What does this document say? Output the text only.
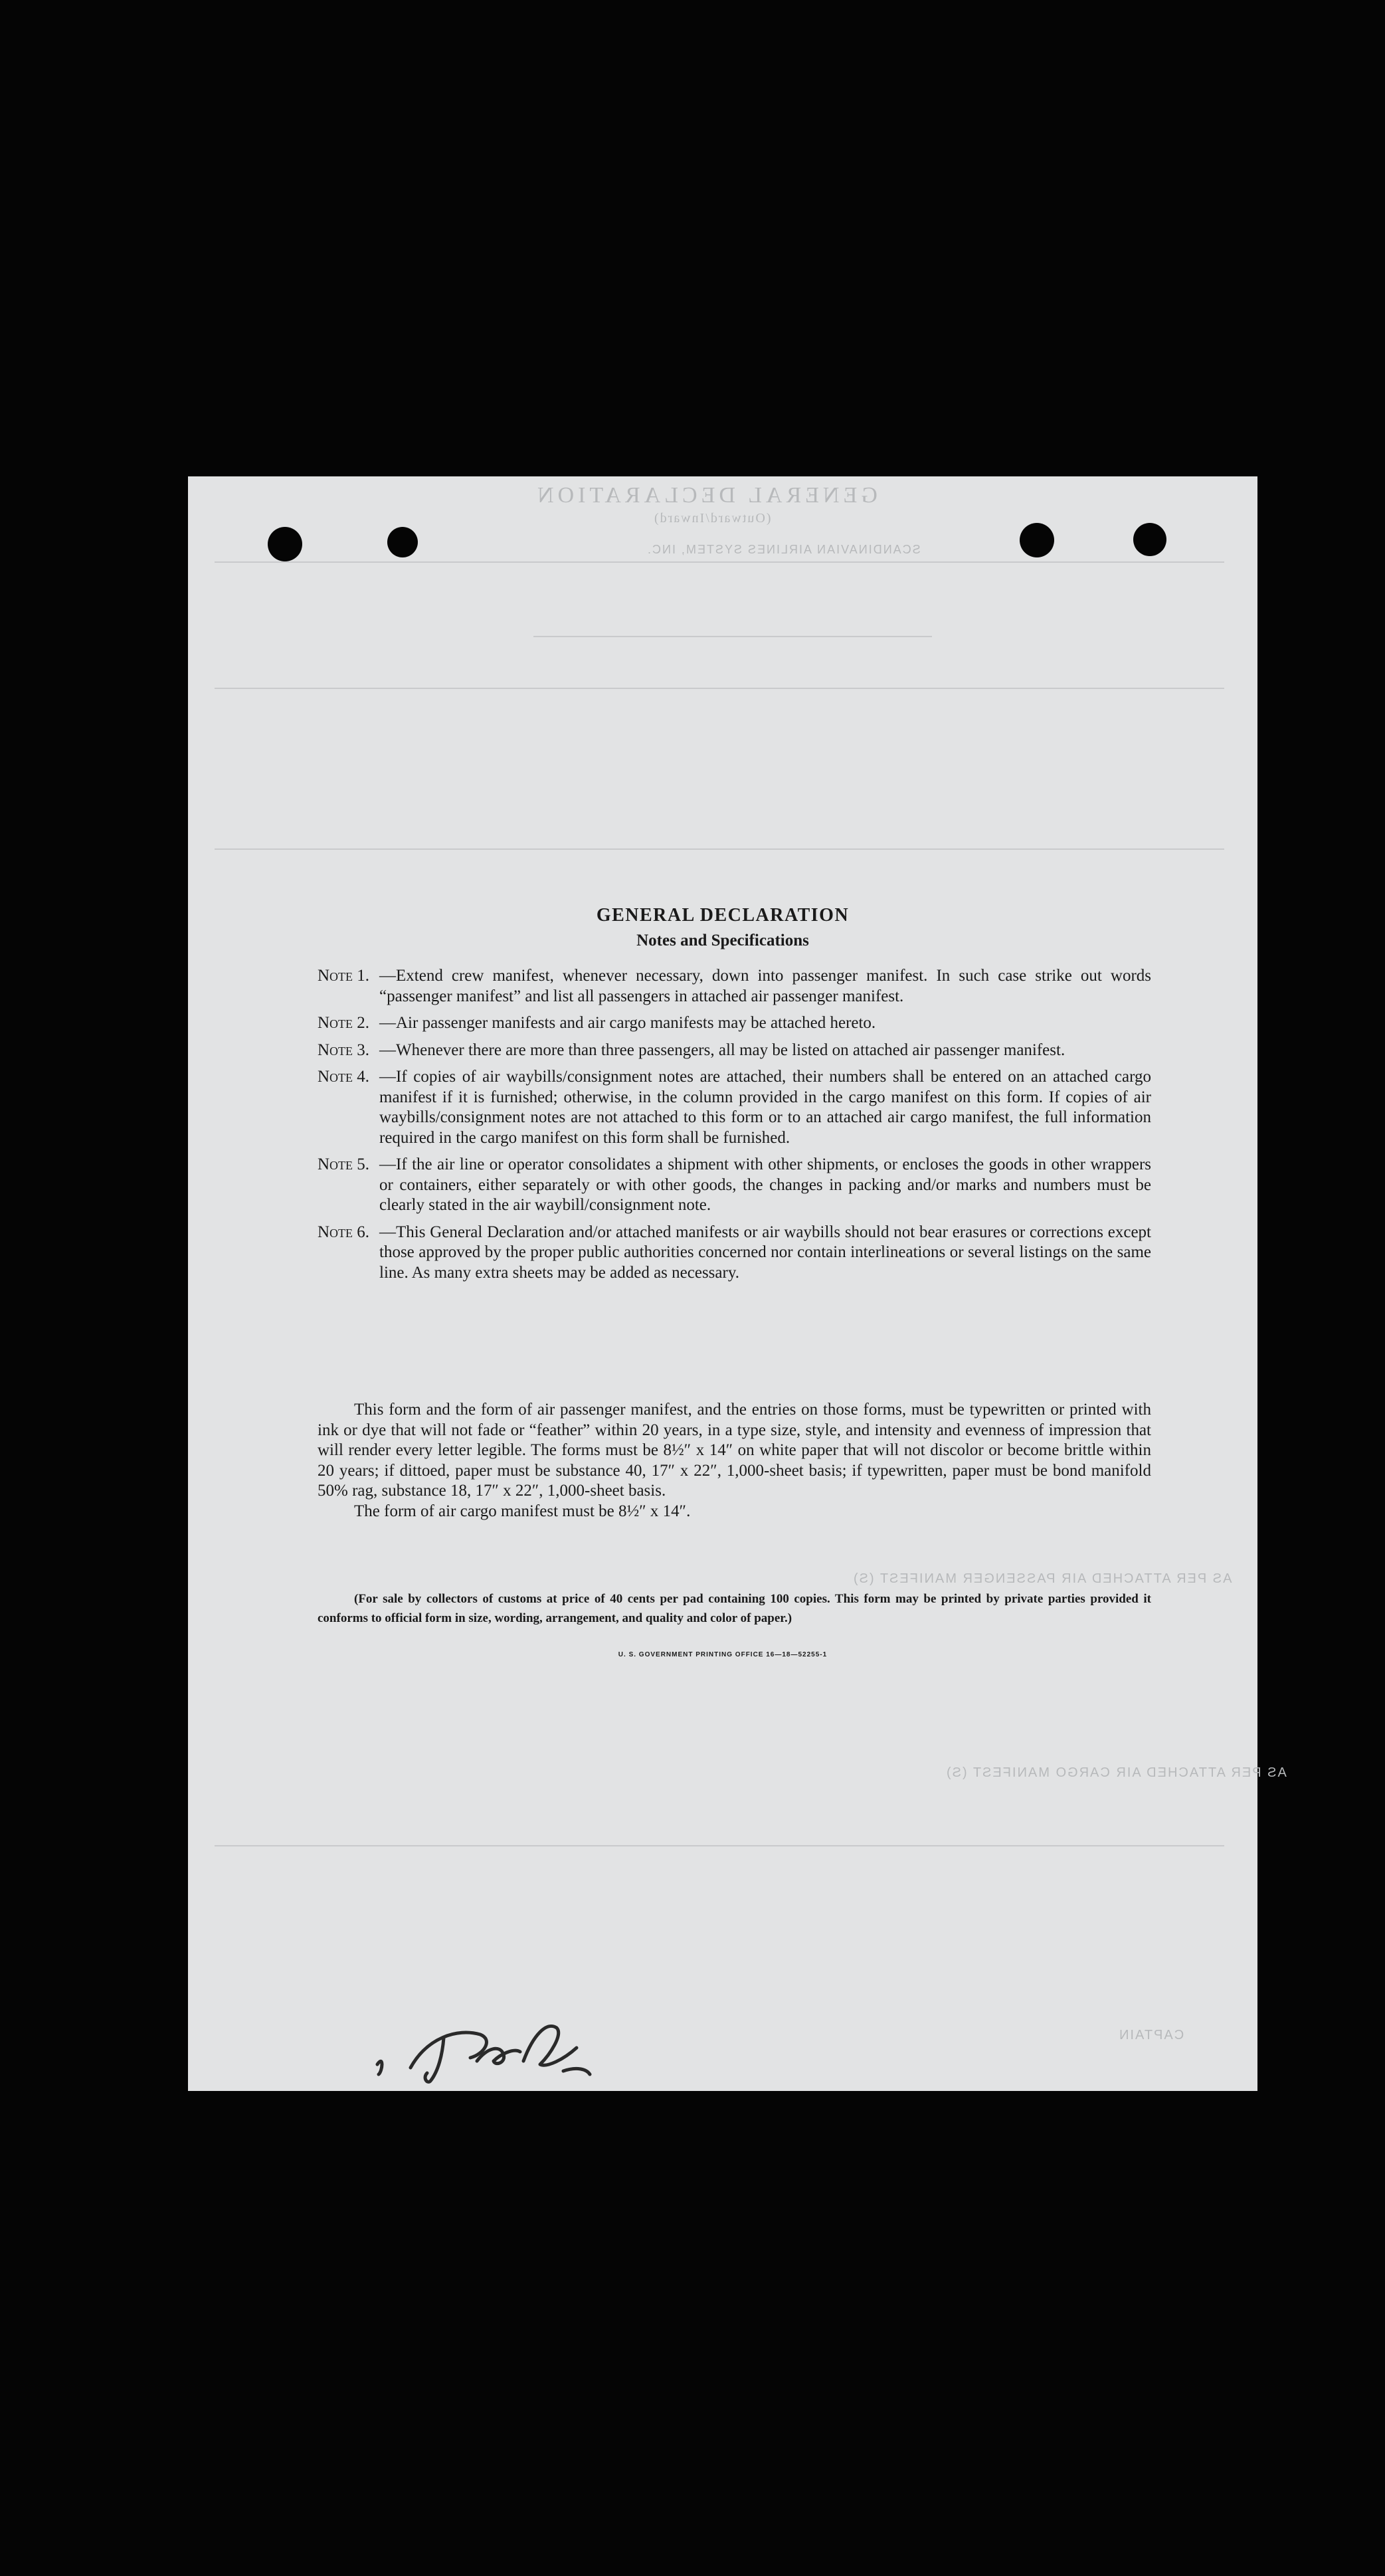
GENERAL DECLARATION
(Outward/Inward)
SCANDINAVIAN AIRLINES SYSTEM, INC.
AS PER ATTACHED AIR PASSENGER MANIFEST (S)
AS PER ATTACHED AIR CARGO MANIFEST (S)
CAPTAIN
GENERAL DECLARATION
Notes and Specifications
Note 1. —Extend crew manifest, whenever necessary, down into passenger manifest. In such case strike out words “passenger manifest” and list all passengers in attached air passenger manifest.
Note 2. —Air passenger manifests and air cargo manifests may be attached hereto.
Note 3. —Whenever there are more than three passengers, all may be listed on attached air passenger manifest.
Note 4. —If copies of air waybills/consignment notes are attached, their numbers shall be entered on an attached cargo manifest if it is furnished; otherwise, in the column provided in the cargo manifest on this form. If copies of air waybills/consignment notes are not attached to this form or to an attached air cargo manifest, the full information required in the cargo manifest on this form shall be furnished.
Note 5. —If the air line or operator consolidates a shipment with other shipments, or encloses the goods in other wrappers or containers, either separately or with other goods, the changes in packing and/or marks and numbers must be clearly stated in the air waybill/consignment note.
Note 6. —This General Declaration and/or attached manifests or air waybills should not bear erasures or corrections except those approved by the proper public authorities concerned nor contain interlineations or several listings on the same line. As many extra sheets may be added as necessary.

This form and the form of air passenger manifest, and the entries on those forms, must be typewritten or printed with ink or dye that will not fade or “feather” within 20 years, in a type size, style, and intensity and evenness of impression that will render every letter legible. The forms must be 8½″ x 14″ on white paper that will not discolor or become brittle within 20 years; if dittoed, paper must be substance 40, 17″ x 22″, 1,000-sheet basis; if typewritten, paper must be bond manifold 50% rag, substance 18, 17″ x 22″, 1,000-sheet basis.

The form of air cargo manifest must be 8½″ x 14″.

(For sale by collectors of customs at price of 40 cents per pad containing 100 copies. This form may be printed by private parties provided it conforms to official form in size, wording, arrangement, and quality and color of paper.)

U. S. GOVERNMENT PRINTING OFFICE 16—18—52255-1
